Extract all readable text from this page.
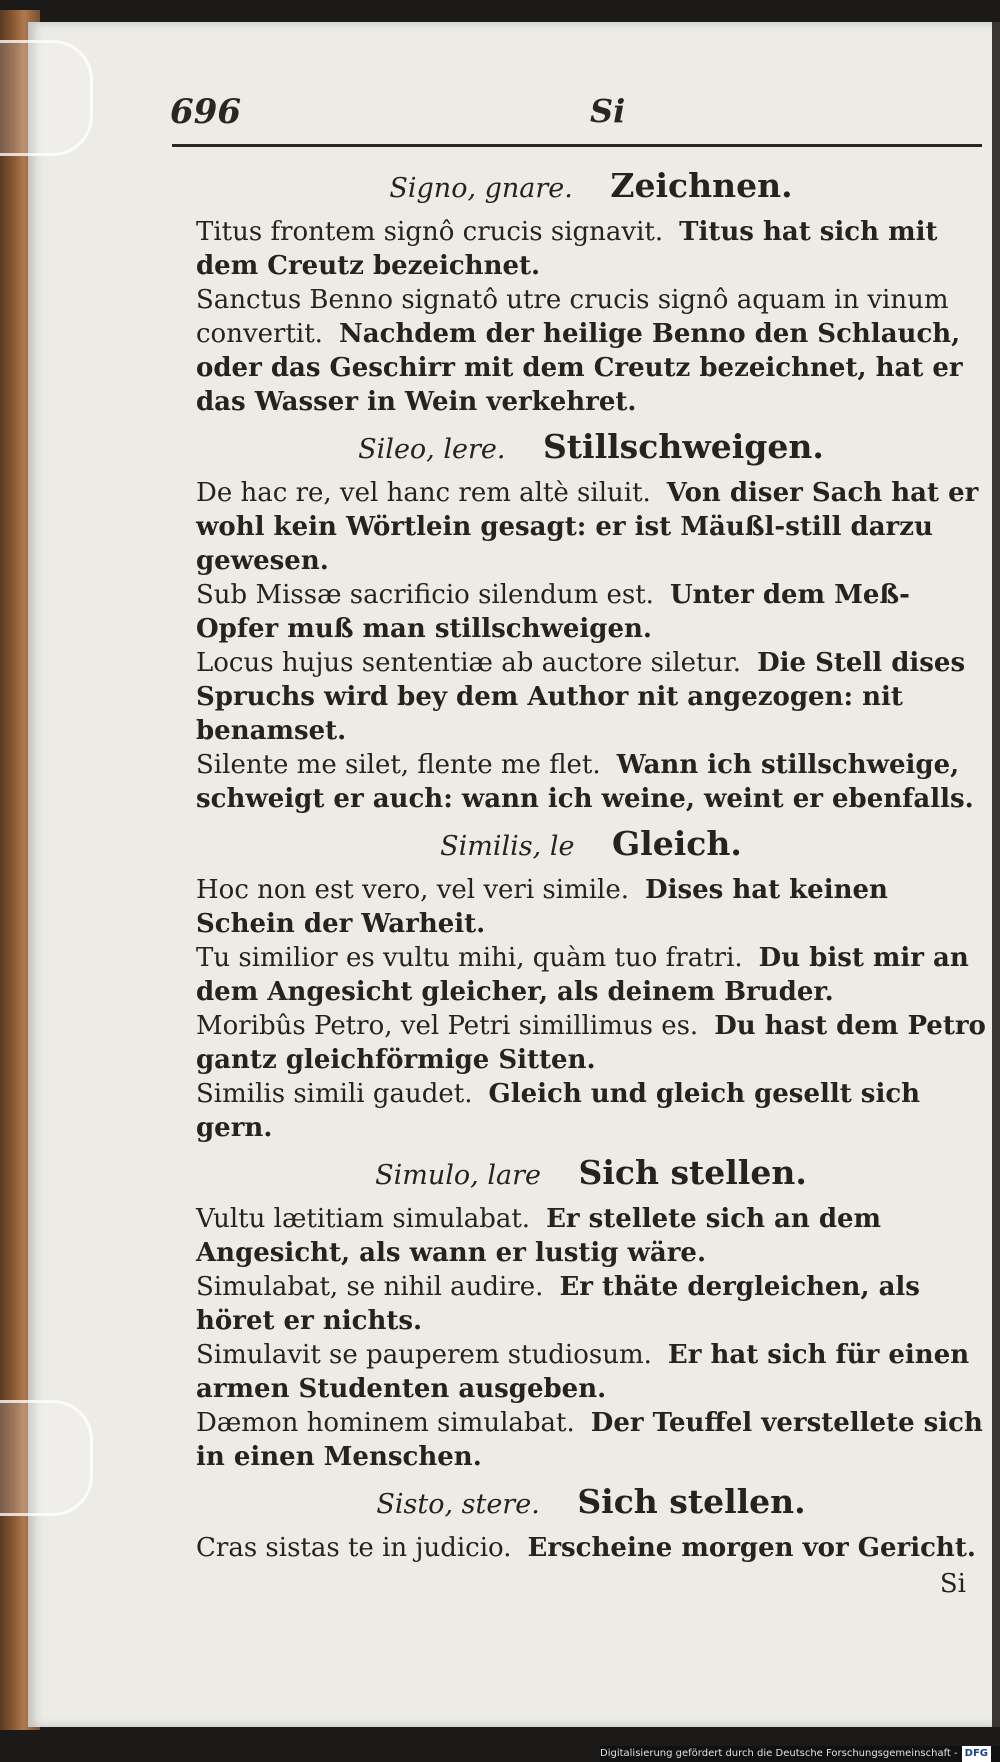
696	Si
Signo, gnare. Zeichnen.

Titus frontem signô crucis signavit. Titus hat sich mit dem Creutz bezeichnet.

Sanctus Benno signatô utre crucis signô aquam in vinum convertit. Nachdem der heilige Benno den Schlauch, oder das Geschirr mit dem Creutz bezeichnet, hat er das Wasser in Wein verkehret.

Sileo, lere. Stillschweigen.

De hac re, vel hanc rem altè siluit. Von diser Sach hat er wohl kein Wörtlein gesagt: er ist Mäußl-still darzu gewesen.

Sub Missæ sacrificio silendum est. Unter dem Meß-Opfer muß man stillschweigen.

Locus hujus sententiæ ab auctore siletur. Die Stell dises Spruchs wird bey dem Author nit angezogen: nit benamset.

Silente me silet, flente me flet. Wann ich stillschweige, schweigt er auch: wann ich weine, weint er ebenfalls.

Similis, le Gleich.

Hoc non est vero, vel veri simile. Dises hat keinen Schein der Warheit.

Tu similior es vultu mihi, quàm tuo fratri. Du bist mir an dem Angesicht gleicher, als deinem Bruder.

Moribûs Petro, vel Petri simillimus es. Du hast dem Petro gantz gleichförmige Sitten.

Similis simili gaudet. Gleich und gleich gesellt sich gern.

Simulo, lare Sich stellen.

Vultu lætitiam simulabat. Er stellete sich an dem Angesicht, als wann er lustig wäre.

Simulabat, se nihil audire. Er thäte dergleichen, als höret er nichts.

Simulavit se pauperem studiosum. Er hat sich für einen armen Studenten ausgeben.

Dæmon hominem simulabat. Der Teuffel verstellete sich in einen Menschen.

Sisto, stere. Sich stellen.

Cras sistas te in judicio. Erscheine morgen vor Gericht.

Si
Digitalisierung gefördert durch die Deutsche Forschungsgemeinschaft - DFG
